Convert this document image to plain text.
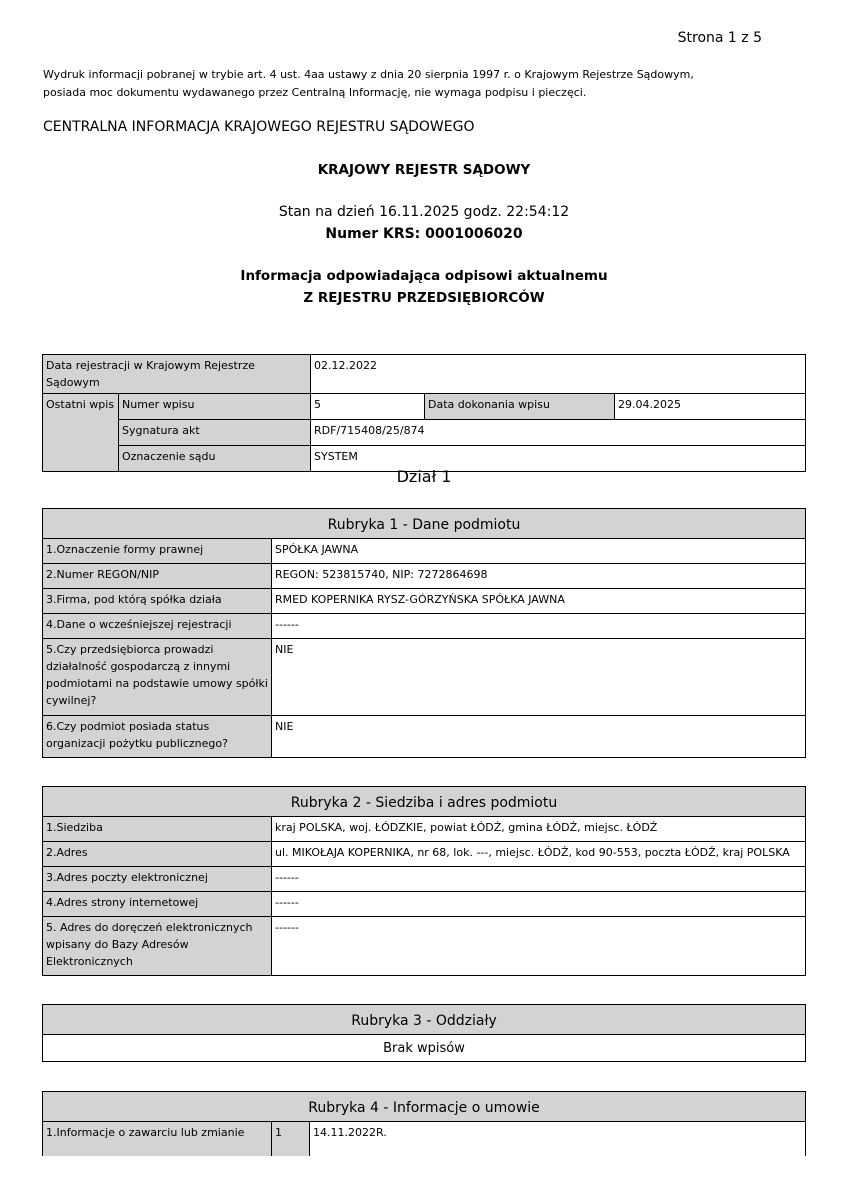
Strona 1 z 5
Wydruk informacji pobranej w trybie art. 4 ust. 4aa ustawy z dnia 20 sierpnia 1997 r. o Krajowym Rejestrze Sądowym,
posiada moc dokumentu wydawanego przez Centralną Informację, nie wymaga podpisu i pieczęci.
CENTRALNA INFORMACJA KRAJOWEGO REJESTRU SĄDOWEGO
KRAJOWY REJESTR SĄDOWY
Stan na dzień 16.11.2025 godz. 22:54:12
Numer KRS: 0001006020
Informacja odpowiadająca odpisowi aktualnemu
Z REJESTRU PRZEDSIĘBIORCÓW
Data rejestracji w Krajowym Rejestrze Sądowym		02.12.2022		
Ostatni wpis	Numer wpisu	5	Data dokonania wpisu	29.04.2025
	Sygnatura akt	RDF/715408/25/874		
	Oznaczenie sądu	SYSTEM		
Dział 1
Rubryka 1 - Dane podmiotu	
1.Oznaczenie formy prawnej	SPÓŁKA JAWNA
2.Numer REGON/NIP	REGON: 523815740, NIP: 7272864698
3.Firma, pod którą spółka działa	RMED KOPERNIKA RYSZ-GÓRZYŃSKA SPÓŁKA JAWNA
4.Dane o wcześniejszej rejestracji	------
5.Czy przedsiębiorca prowadzi działalność gospodarczą z innymi podmiotami na podstawie umowy spółki cywilnej?	NIE
6.Czy podmiot posiada status organizacji pożytku publicznego?	NIE
Rubryka 2 - Siedziba i adres podmiotu	
1.Siedziba	kraj POLSKA, woj. ŁÓDZKIE, powiat ŁÓDŹ, gmina ŁÓDŹ, miejsc. ŁÓDŹ
2.Adres	ul. MIKOŁAJA KOPERNIKA, nr 68, lok. ---, miejsc. ŁÓDŹ, kod 90-553, poczta ŁÓDŹ, kraj POLSKA
3.Adres poczty elektronicznej	------
4.Adres strony internetowej	------
5. Adres do doręczeń elektronicznych wpisany do Bazy Adresów Elektronicznych	------
Rubryka 3 - Oddziały
Brak wpisów
Rubryka 4 - Informacje o umowie
1.Informacje o zawarciu lub zmianie	1	14.11.2022R.
